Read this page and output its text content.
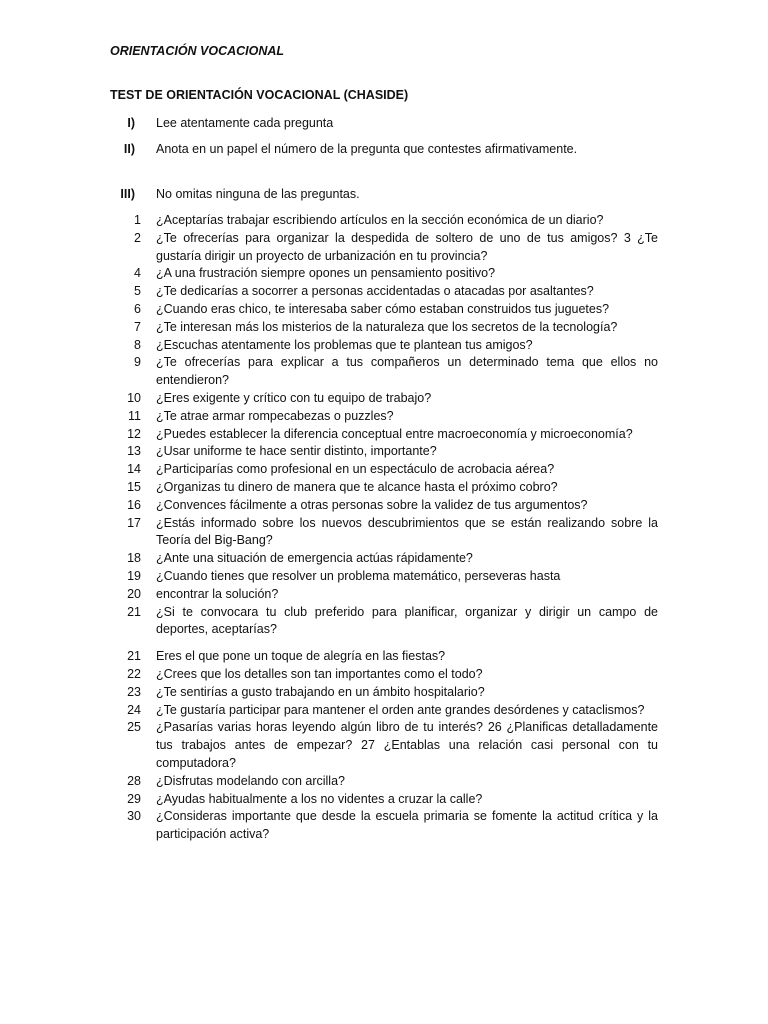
ORIENTACIÓN VOCACIONAL
TEST DE ORIENTACIÓN VOCACIONAL (CHASIDE)
I) Lee atentamente cada pregunta
II) Anota en un papel el número de la pregunta que contestes afirmativamente.
III) No omitas ninguna de las preguntas.
1 ¿Aceptarías trabajar escribiendo artículos en la sección económica de un diario?
2 ¿Te ofrecerías para organizar la despedida de soltero de uno de tus amigos? 3 ¿Te gustaría dirigir un proyecto de urbanización en tu provincia?
4 ¿A una frustración siempre opones un pensamiento positivo?
5 ¿Te dedicarías a socorrer a personas accidentadas o atacadas por asaltantes?
6 ¿Cuando eras chico, te interesaba saber cómo estaban construidos tus juguetes?
7 ¿Te interesan más los misterios de la naturaleza que los secretos de la tecnología?
8 ¿Escuchas atentamente los problemas que te plantean tus amigos?
9 ¿Te ofrecerías para explicar a tus compañeros un determinado tema que ellos no entendieron?
10 ¿Eres exigente y crítico con tu equipo de trabajo?
11 ¿Te atrae armar rompecabezas o puzzles?
12 ¿Puedes establecer la diferencia conceptual entre macroeconomía y microeconomía?
13 ¿Usar uniforme te hace sentir distinto, importante?
14 ¿Participarías como profesional en un espectáculo de acrobacia aérea?
15 ¿Organizas tu dinero de manera que te alcance hasta el próximo cobro?
16 ¿Convences fácilmente a otras personas sobre la validez de tus argumentos?
17 ¿Estás informado sobre los nuevos descubrimientos que se están realizando sobre la Teoría del Big-Bang?
18 ¿Ante una situación de emergencia actúas rápidamente?
19 ¿Cuando tienes que resolver un problema matemático, perseveras hasta
20 encontrar la solución?
21 ¿Si te convocara tu club preferido para planificar, organizar y dirigir un campo de deportes, aceptarías?
21 Eres el que pone un toque de alegría en las fiestas?
22 ¿Crees que los detalles son tan importantes como el todo?
23 ¿Te sentirías a gusto trabajando en un ámbito hospitalario?
24 ¿Te gustaría participar para mantener el orden ante grandes desórdenes y cataclismos?
25 ¿Pasarías varias horas leyendo algún libro de tu interés? 26 ¿Planificas detalladamente tus trabajos antes de empezar? 27 ¿Entablas una relación casi personal con tu computadora?
28 ¿Disfrutas modelando con arcilla?
29 ¿Ayudas habitualmente a los no videntes a cruzar la calle?
30 ¿Consideras importante que desde la escuela primaria se fomente la actitud crítica y la participación activa?
